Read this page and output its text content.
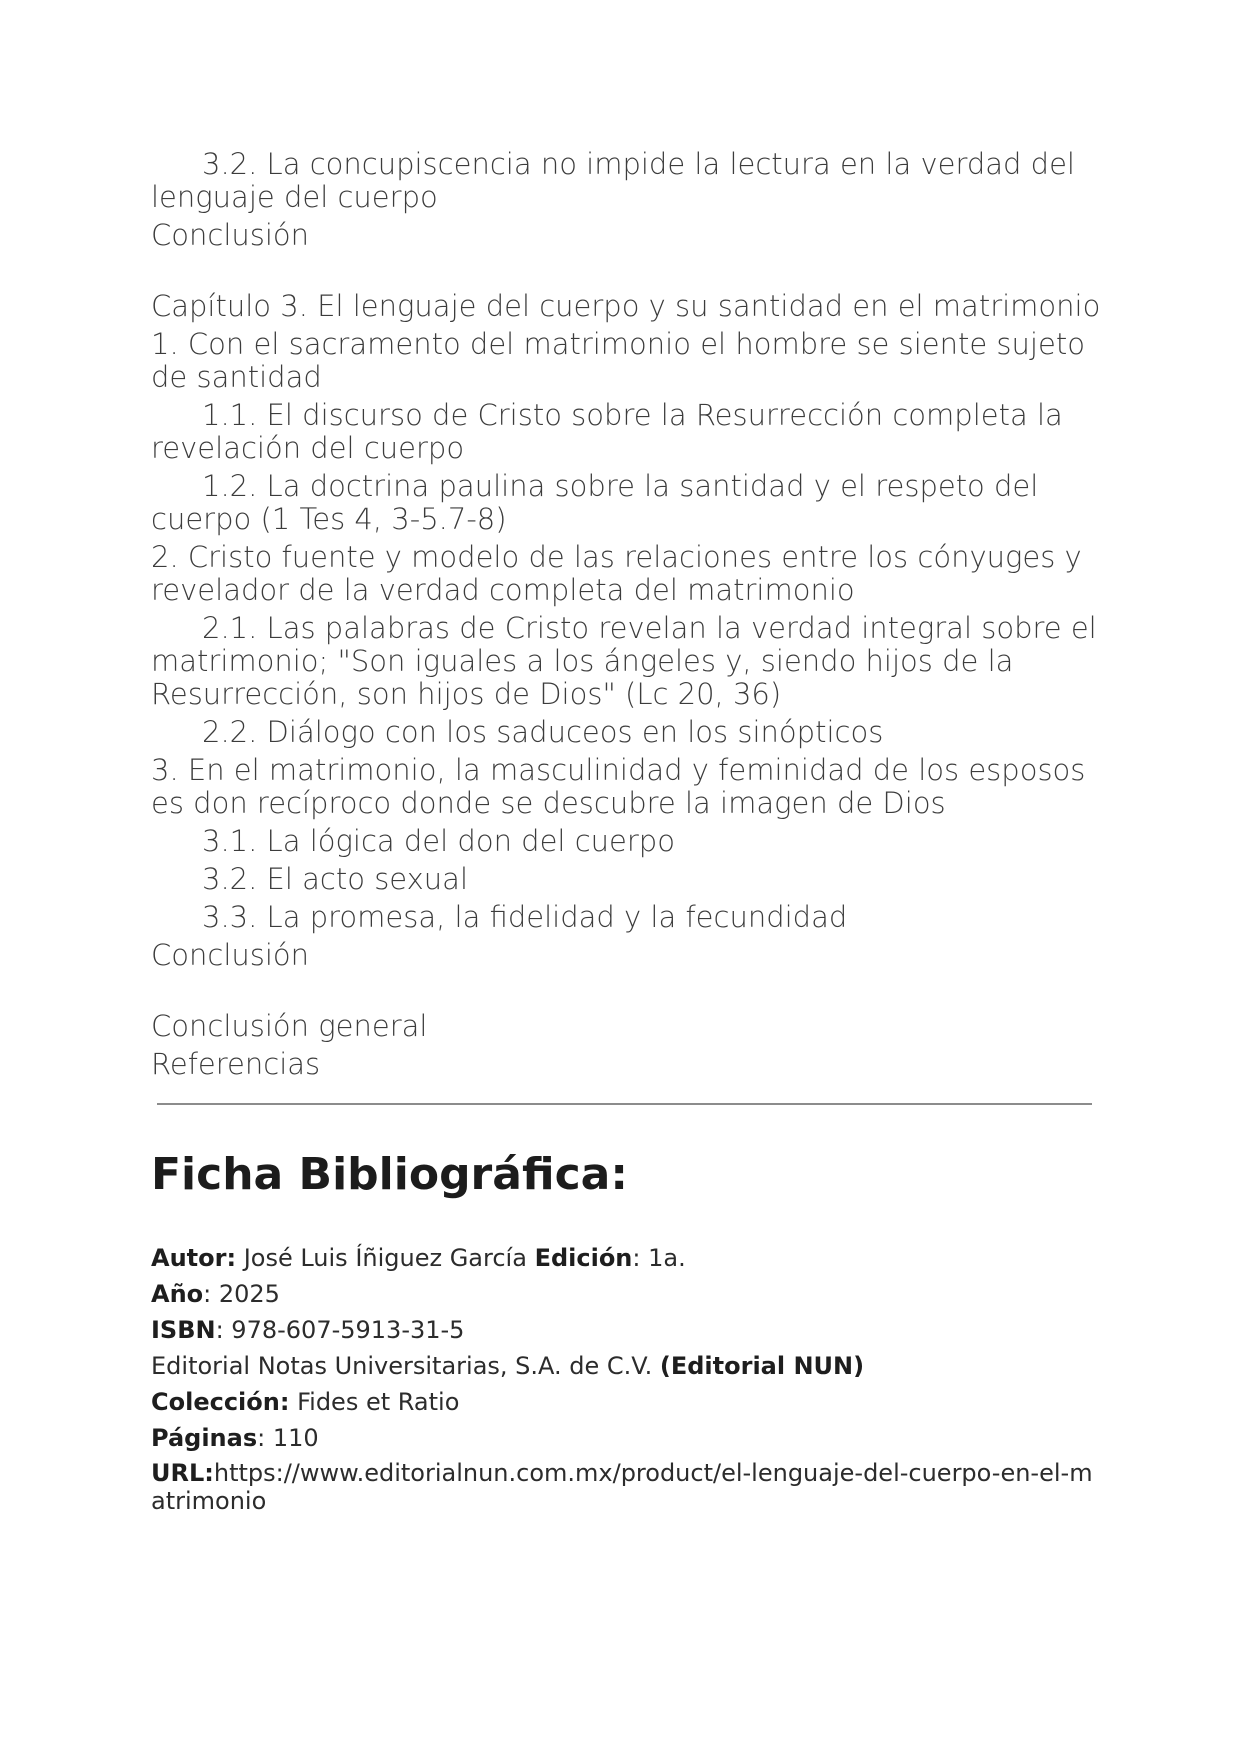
3.2. La concupiscencia no impide la lectura en la verdad del lenguaje del cuerpo
Conclusión
Capítulo 3. El lenguaje del cuerpo y su santidad en el matrimonio
1. Con el sacramento del matrimonio el hombre se siente sujeto de santidad
1.1. El discurso de Cristo sobre la Resurrección completa la revelación del cuerpo
1.2. La doctrina paulina sobre la santidad y el respeto del cuerpo (1 Tes 4, 3-5.7-8)
2. Cristo fuente y modelo de las relaciones entre los cónyuges y revelador de la verdad completa del matrimonio
2.1. Las palabras de Cristo revelan la verdad integral sobre el matrimonio; "Son iguales a los ángeles y, siendo hijos de la Resurrección, son hijos de Dios" (Lc 20, 36)
2.2. Diálogo con los saduceos en los sinópticos
3. En el matrimonio, la masculinidad y feminidad de los esposos es don recíproco donde se descubre la imagen de Dios
3.1. La lógica del don del cuerpo
3.2. El acto sexual
3.3. La promesa, la fidelidad y la fecundidad
Conclusión
Conclusión general
Referencias
Ficha Bibliográfica:
Autor: José Luis Íñiguez García Edición: 1a.
Año: 2025
ISBN: 978-607-5913-31-5
Editorial Notas Universitarias, S.A. de C.V. (Editorial NUN)
Colección: Fides et Ratio
Páginas: 110
URL:https://www.editorialnun.com.mx/product/el-lenguaje-del-cuerpo-en-el-matrimonio
